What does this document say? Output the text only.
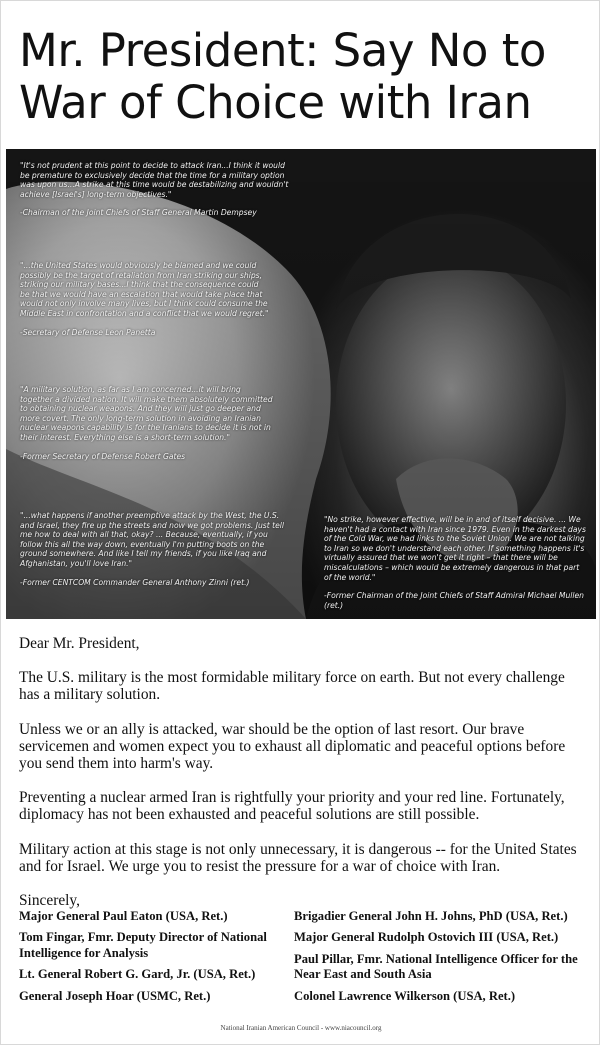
Mr. President: Say No to
War of Choice with Iran

"It's not prudent at this point to decide to attack Iran...I think it would be premature to exclusively decide that the time for a military option was upon us...A strike at this time would be destabilizing and wouldn't achieve [Israel's] long-term objectives."

-Chairman of the Joint Chiefs of Staff General Martin Dempsey

"...the United States would obviously be blamed and we could possibly be the target of retaliation from Iran striking our ships, striking our military bases...I think that the consequence could be that we would have an escalation that would take place that would not only involve many lives, but I think could consume the Middle East in confrontation and a conflict that we would regret."

-Secretary of Defense Leon Panetta

"A military solution, as far as I am concerned...it will bring together a divided nation. It will make them absolutely committed to obtaining nuclear weapons. And they will just go deeper and more covert. The only long-term solution in avoiding an Iranian nuclear weapons capability is for the Iranians to decide it is not in their interest. Everything else is a short-term solution."

-Former Secretary of Defense Robert Gates

"...what happens if another preemptive attack by the West, the U.S. and Israel, they fire up the streets and now we got problems. Just tell me how to deal with all that, okay? ... Because, eventually, if you follow this all the way down, eventually I'm putting boots on the ground somewhere. And like I tell my friends, if you like Iraq and Afghanistan, you'll love Iran."

-Former CENTCOM Commander General Anthony Zinni (ret.)

"No strike, however effective, will be in and of itself decisive. ... We haven't had a contact with Iran since 1979. Even in the darkest days of the Cold War, we had links to the Soviet Union. We are not talking to Iran so we don't understand each other. If something happens it's virtually assured that we won't get it right – that there will be miscalculations – which would be extremely dangerous in that part of the world."

-Former Chairman of the Joint Chiefs of Staff Admiral Michael Mullen (ret.)

Dear Mr. President,

The U.S. military is the most formidable military force on earth. But not every challenge has a military solution.

Unless we or an ally is attacked, war should be the option of last resort. Our brave servicemen and women expect you to exhaust all diplomatic and peaceful options before you send them into harm's way.

Preventing a nuclear armed Iran is rightfully your priority and your red line. Fortunately, diplomacy has not been exhausted and peaceful solutions are still possible.

Military action at this stage is not only unnecessary, it is dangerous -- for the United States and for Israel. We urge you to resist the pressure for a war of choice with Iran.

Sincerely,

Major General Paul Eaton (USA, Ret.)
Tom Fingar, Fmr. Deputy Director of National Intelligence for Analysis
Lt. General Robert G. Gard, Jr. (USA, Ret.)
General Joseph Hoar (USMC, Ret.)
Brigadier General John H. Johns, PhD (USA, Ret.)
Major General Rudolph Ostovich III (USA, Ret.)
Paul Pillar, Fmr. National Intelligence Officer for the Near East and South Asia
Colonel Lawrence Wilkerson (USA, Ret.)
National Iranian American Council - www.niacouncil.org
